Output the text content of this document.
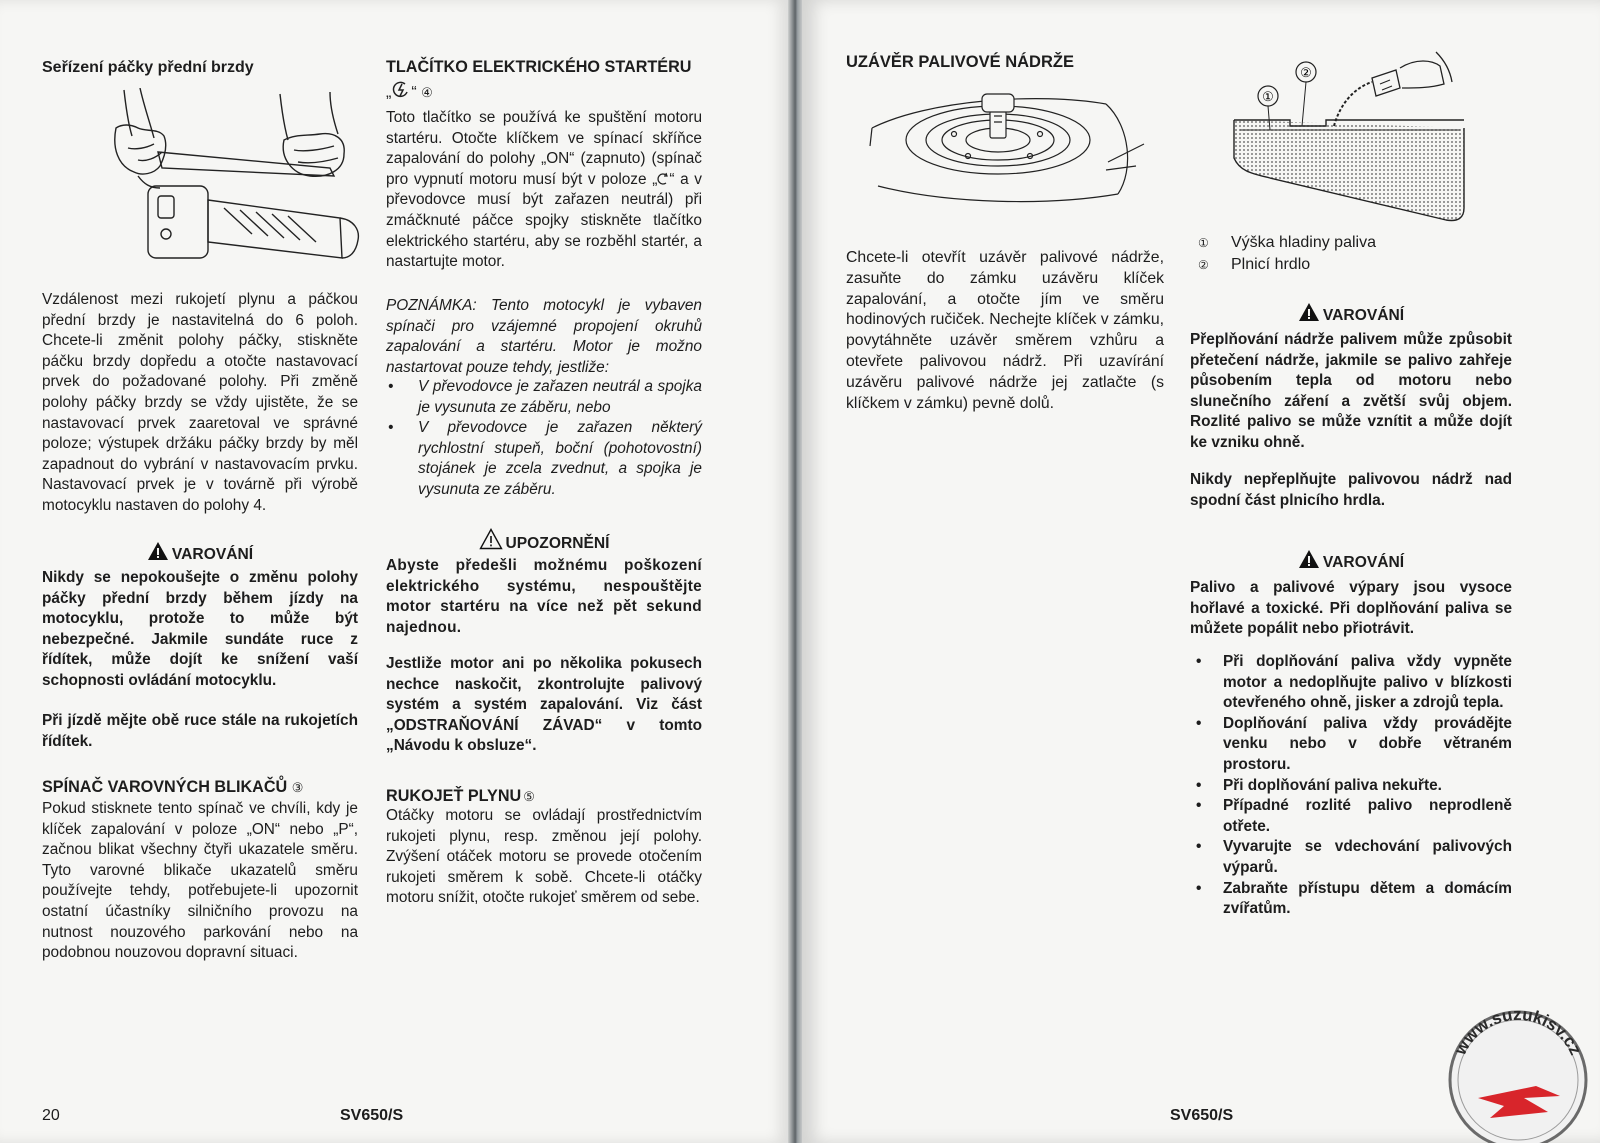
Seřízení páčky přední brzdy

Vzdálenost mezi rukojetí plynu a páčkou přední brzdy je nastavitelná do 6 poloh. Chcete-li změnit polohy páčky, stiskněte páčku brzdy dopředu a otočte nastavovací prvek do požadované polohy. Při změně polohy páčky brzdy se vždy ujistěte, že se nastavovací prvek zaaretoval ve správné poloze; výstupek držáku páčky brzdy by měl zapadnout do vybrání v nastavovacím prvku. Nastavovací prvek je v továrně při výrobě motocyklu nastaven do polohy 4.

VAROVÁNÍ

Nikdy se nepokoušejte o změnu polohy páčky přední brzdy během jízdy na motocyklu, protože to může být nebezpečné. Jakmile sundáte ruce z řídítek, může dojít ke snížení vaší schopnosti ovládání motocyklu.

Při jízdě mějte obě ruce stále na rukojetích řídítek.

SPÍNAČ VAROVNÝCH BLIKAČŮ ③

Pokud stisknete tento spínač ve chvíli, kdy je klíček zapalování v poloze „ON“ nebo „P“, začnou blikat všechny čtyři ukazatele směru. Tyto varovné blikače ukazatelů směru používejte tehdy, potřebujete-li upozornit ostatní účastníky silničního provozu na nutnost nouzového parkování nebo na podobnou nouzovou dopravní situaci.

TLAČÍTKO ELEKTRICKÉHO STARTÉRU
„ “ ④

Toto tlačítko se používá ke spuštění motoru startéru. Otočte klíčkem ve spínací skříňce zapalování do polohy „ON“ (zapnuto) (spínač pro vypnutí motoru musí být v poloze „ “ a v převodovce musí být zařazen neutrál) při zmáčknuté páčce spojky stiskněte tlačítko elektrického startéru, aby se rozběhl startér, a nastartujte motor.

POZNÁMKA: Tento motocykl je vybaven spínači pro vzájemné propojení okruhů zapalování a startéru. Motor je možno nastartovat pouze tehdy, jestliže:

• V převodovce je zařazen neutrál a spojka je vysunuta ze záběru, nebo
• V převodovce je zařazen některý rychlostní stupeň, boční (pohotovostní) stojánek je zcela zvednut, a spojka je vysunuta ze záběru.
UPOZORNĚNÍ

Abyste předešli možnému poškození elektrického systému, nespouštějte motor startéru na více než pět sekund najednou.

Jestliže motor ani po několika pokusech nechce naskočit, zkontrolujte palivový systém a systém zapalování. Viz část „ODSTRAŇOVÁNÍ ZÁVAD“ v tomto „Návodu k obsluze“.

RUKOJEŤ PLYNU ⑤

Otáčky motoru se ovládají prostřednictvím rukojeti plynu, resp. změnou její polohy. Zvýšení otáček motoru se provede otočením rukojeti směrem k sobě. Chcete-li otáčky motoru snížit, otočte rukojeť směrem od sebe.

20	SV650/S
UZÁVĚR PALIVOVÉ NÁDRŽE

Chcete-li otevřít uzávěr palivové nádrže, zasuňte do zámku uzávěru klíček zapalování, a otočte jím ve směru hodinových ručiček. Nechejte klíček v zámku, povytáhněte uzávěr směrem vzhůru a otevřete palivovou nádrž. Při uzavírání uzávěru palivové nádrže jej zatlačte (s klíčkem v zámku) pevně dolů.

①
②
① Výška hladiny paliva
② Plnicí hrdlo
VAROVÁNÍ

Přeplňování nádrže palivem může způsobit přetečení nádrže, jakmile se palivo zahřeje působením tepla od motoru nebo slunečního záření a zvětší svůj objem. Rozlité palivo se může vznítit a může dojít ke vzniku ohně.

Nikdy nepřeplňujte palivovou nádrž nad spodní část plnicího hrdla.

VAROVÁNÍ

Palivo a palivové výpary jsou vysoce hořlavé a toxické. Při doplňování paliva se můžete popálit nebo přiotrávit.

• Při doplňování paliva vždy vypněte motor a nedoplňujte palivo v blízkosti otevřeného ohně, jisker a zdrojů tepla.
• Doplňování paliva vždy provádějte venku nebo v dobře větraném prostoru.
• Při doplňování paliva nekuřte.
• Případné rozlité palivo neprodleně otřete.
• Vyvarujte se vdechování palivových výparů.
• Zabraňte přístupu dětem a domácím zvířatům.
SV650/S
www.suzukisv.cz
